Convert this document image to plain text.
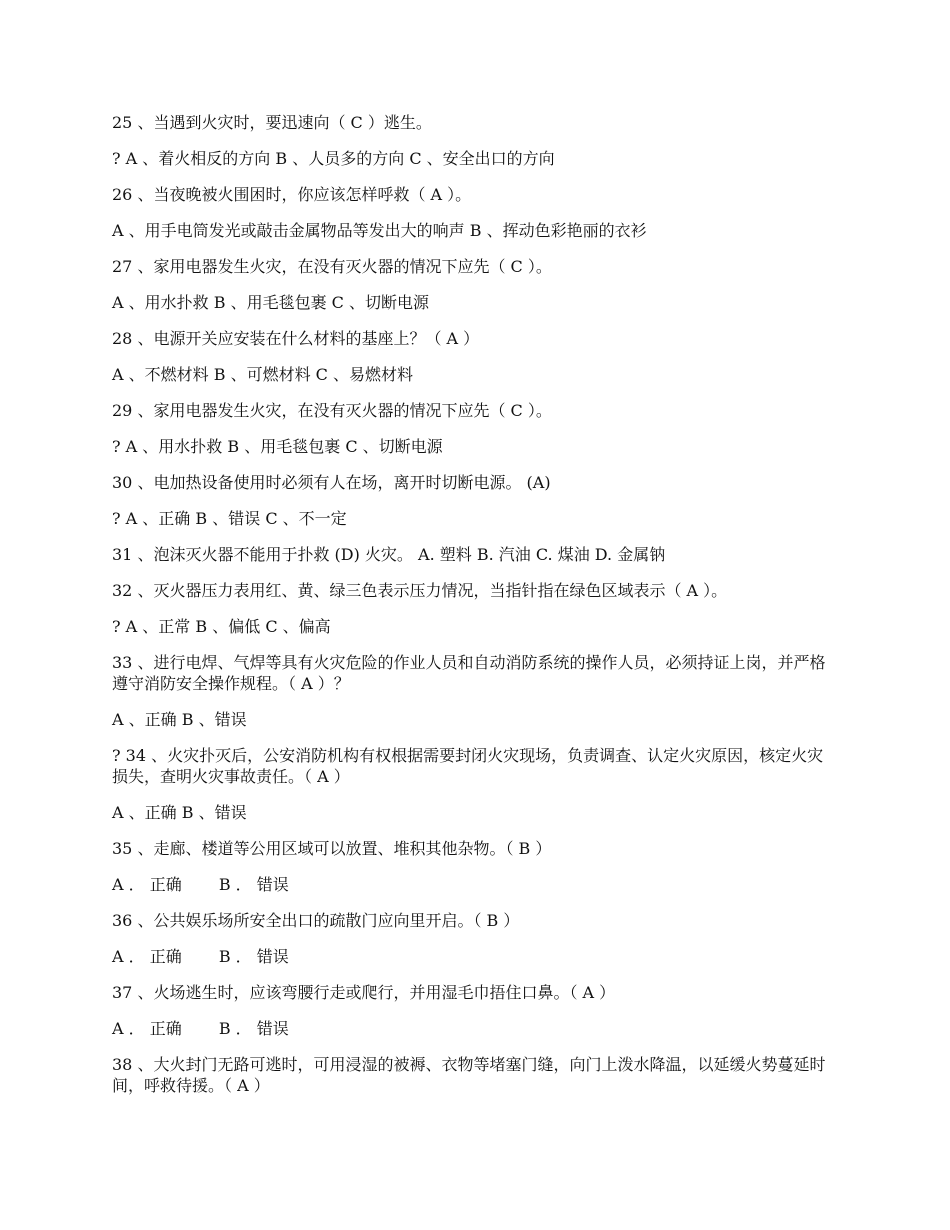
25 、当遇到火灾时，要迅速向（ C ）逃生。
? A 、着火相反的方向 B 、人员多的方向 C 、安全出口的方向
26 、当夜晚被火围困时，你应该怎样呼救（ A ）。
A 、用手电筒发光或敲击金属物品等发出大的响声 B 、挥动色彩艳丽的衣衫
27 、家用电器发生火灾，在没有灭火器的情况下应先（ C ）。
A 、用水扑救 B 、用毛毯包裹 C 、切断电源
28 、电源开关应安装在什么材料的基座上？（ A ）
A 、不燃材料 B 、可燃材料 C 、易燃材料
29 、家用电器发生火灾，在没有灭火器的情况下应先（ C ）。
? A 、用水扑救 B 、用毛毯包裹 C 、切断电源
30 、电加热设备使用时必须有人在场，离开时切断电源。 (A)
? A 、正确 B 、错误 C 、不一定
31 、泡沫灭火器不能用于扑救 (D) 火灾。 A. 塑料 B. 汽油 C. 煤油 D. 金属钠
32 、灭火器压力表用红、黄、绿三色表示压力情况，当指针指在绿色区域表示（ A ）。
? A 、正常 B 、偏低 C 、偏高
33 、进行电焊、气焊等具有火灾危险的作业人员和自动消防系统的操作人员，必须持证上岗，并严格遵守消防安全操作规程。（ A ）？
A 、正确 B 、错误
? 34 、火灾扑灭后，公安消防机构有权根据需要封闭火灾现场，负责调查、认定火灾原因，核定火灾损失，查明火灾事故责任。（ A ）
A 、正确 B 、错误
35 、走廊、楼道等公用区域可以放置、堆积其他杂物。（ B ）
A ． 正确　　 B ． 错误
36 、公共娱乐场所安全出口的疏散门应向里开启。（ B ）
A ． 正确　　 B ． 错误
37 、火场逃生时，应该弯腰行走或爬行，并用湿毛巾捂住口鼻。（ A ）
A ． 正确　　 B ． 错误
38 、大火封门无路可逃时，可用浸湿的被褥、衣物等堵塞门缝，向门上泼水降温，以延缓火势蔓延时间，呼救待援。（ A ）
